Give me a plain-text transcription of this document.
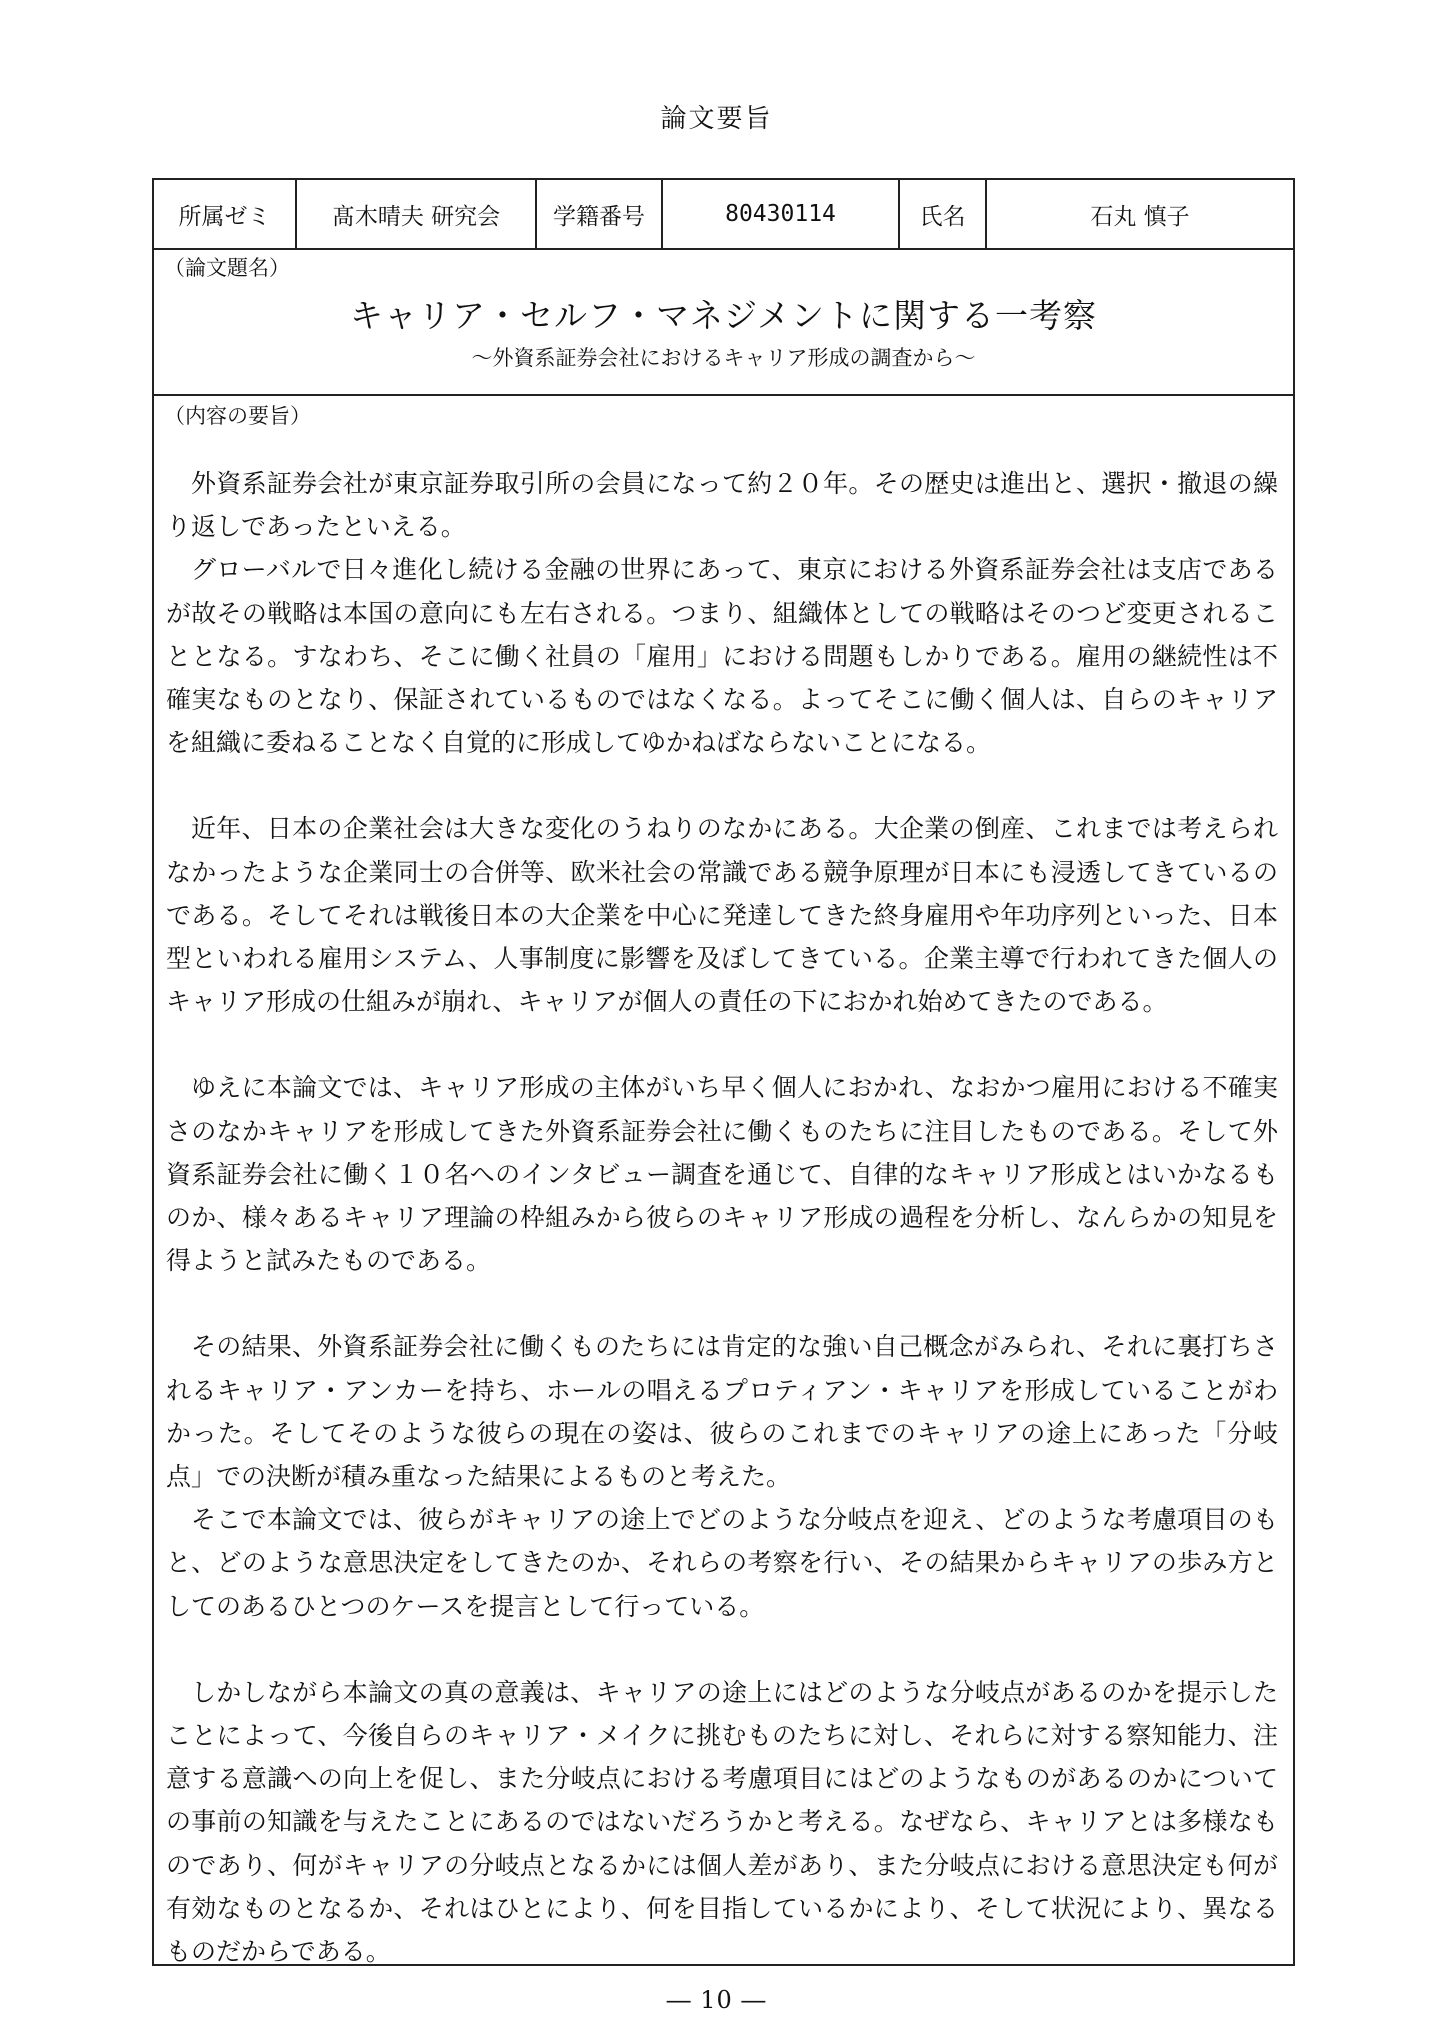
論文要旨
所属ゼミ	髙木晴夫 研究会	学籍番号	80430114	氏名	石丸 慎子
（論文題名）
キャリア・セルフ・マネジメントに関する一考察
～外資系証券会社におけるキャリア形成の調査から～
（内容の要旨）

外資系証券会社が東京証券取引所の会員になって約２０年。その歴史は進出と、選択・撤退の繰り返しであったといえる。

グローバルで日々進化し続ける金融の世界にあって、東京における外資系証券会社は支店であるが故その戦略は本国の意向にも左右される。つまり、組織体としての戦略はそのつど変更されることとなる。すなわち、そこに働く社員の「雇用」における問題もしかりである。雇用の継続性は不確実なものとなり、保証されているものではなくなる。よってそこに働く個人は、自らのキャリアを組織に委ねることなく自覚的に形成してゆかねばならないことになる。

近年、日本の企業社会は大きな変化のうねりのなかにある。大企業の倒産、これまでは考えられなかったような企業同士の合併等、欧米社会の常識である競争原理が日本にも浸透してきているのである。そしてそれは戦後日本の大企業を中心に発達してきた終身雇用や年功序列といった、日本型といわれる雇用システム、人事制度に影響を及ぼしてきている。企業主導で行われてきた個人のキャリア形成の仕組みが崩れ、キャリアが個人の責任の下におかれ始めてきたのである。

ゆえに本論文では、キャリア形成の主体がいち早く個人におかれ、なおかつ雇用における不確実さのなかキャリアを形成してきた外資系証券会社に働くものたちに注目したものである。そして外資系証券会社に働く１０名へのインタビュー調査を通じて、自律的なキャリア形成とはいかなるものか、様々あるキャリア理論の枠組みから彼らのキャリア形成の過程を分析し、なんらかの知見を得ようと試みたものである。

その結果、外資系証券会社に働くものたちには肯定的な強い自己概念がみられ、それに裏打ちされるキャリア・アンカーを持ち、ホールの唱えるプロティアン・キャリアを形成していることがわかった。そしてそのような彼らの現在の姿は、彼らのこれまでのキャリアの途上にあった「分岐点」での決断が積み重なった結果によるものと考えた。

そこで本論文では、彼らがキャリアの途上でどのような分岐点を迎え、どのような考慮項目のもと、どのような意思決定をしてきたのか、それらの考察を行い、その結果からキャリアの歩み方としてのあるひとつのケースを提言として行っている。

しかしながら本論文の真の意義は、キャリアの途上にはどのような分岐点があるのかを提示したことによって、今後自らのキャリア・メイクに挑むものたちに対し、それらに対する察知能力、注意する意識への向上を促し、また分岐点における考慮項目にはどのようなものがあるのかについての事前の知識を与えたことにあるのではないだろうかと考える。なぜなら、キャリアとは多様なものであり、何がキャリアの分岐点となるかには個人差があり、また分岐点における意思決定も何が有効なものとなるか、それはひとにより、何を目指しているかにより、そして状況により、異なるものだからである。

― 10 ―
